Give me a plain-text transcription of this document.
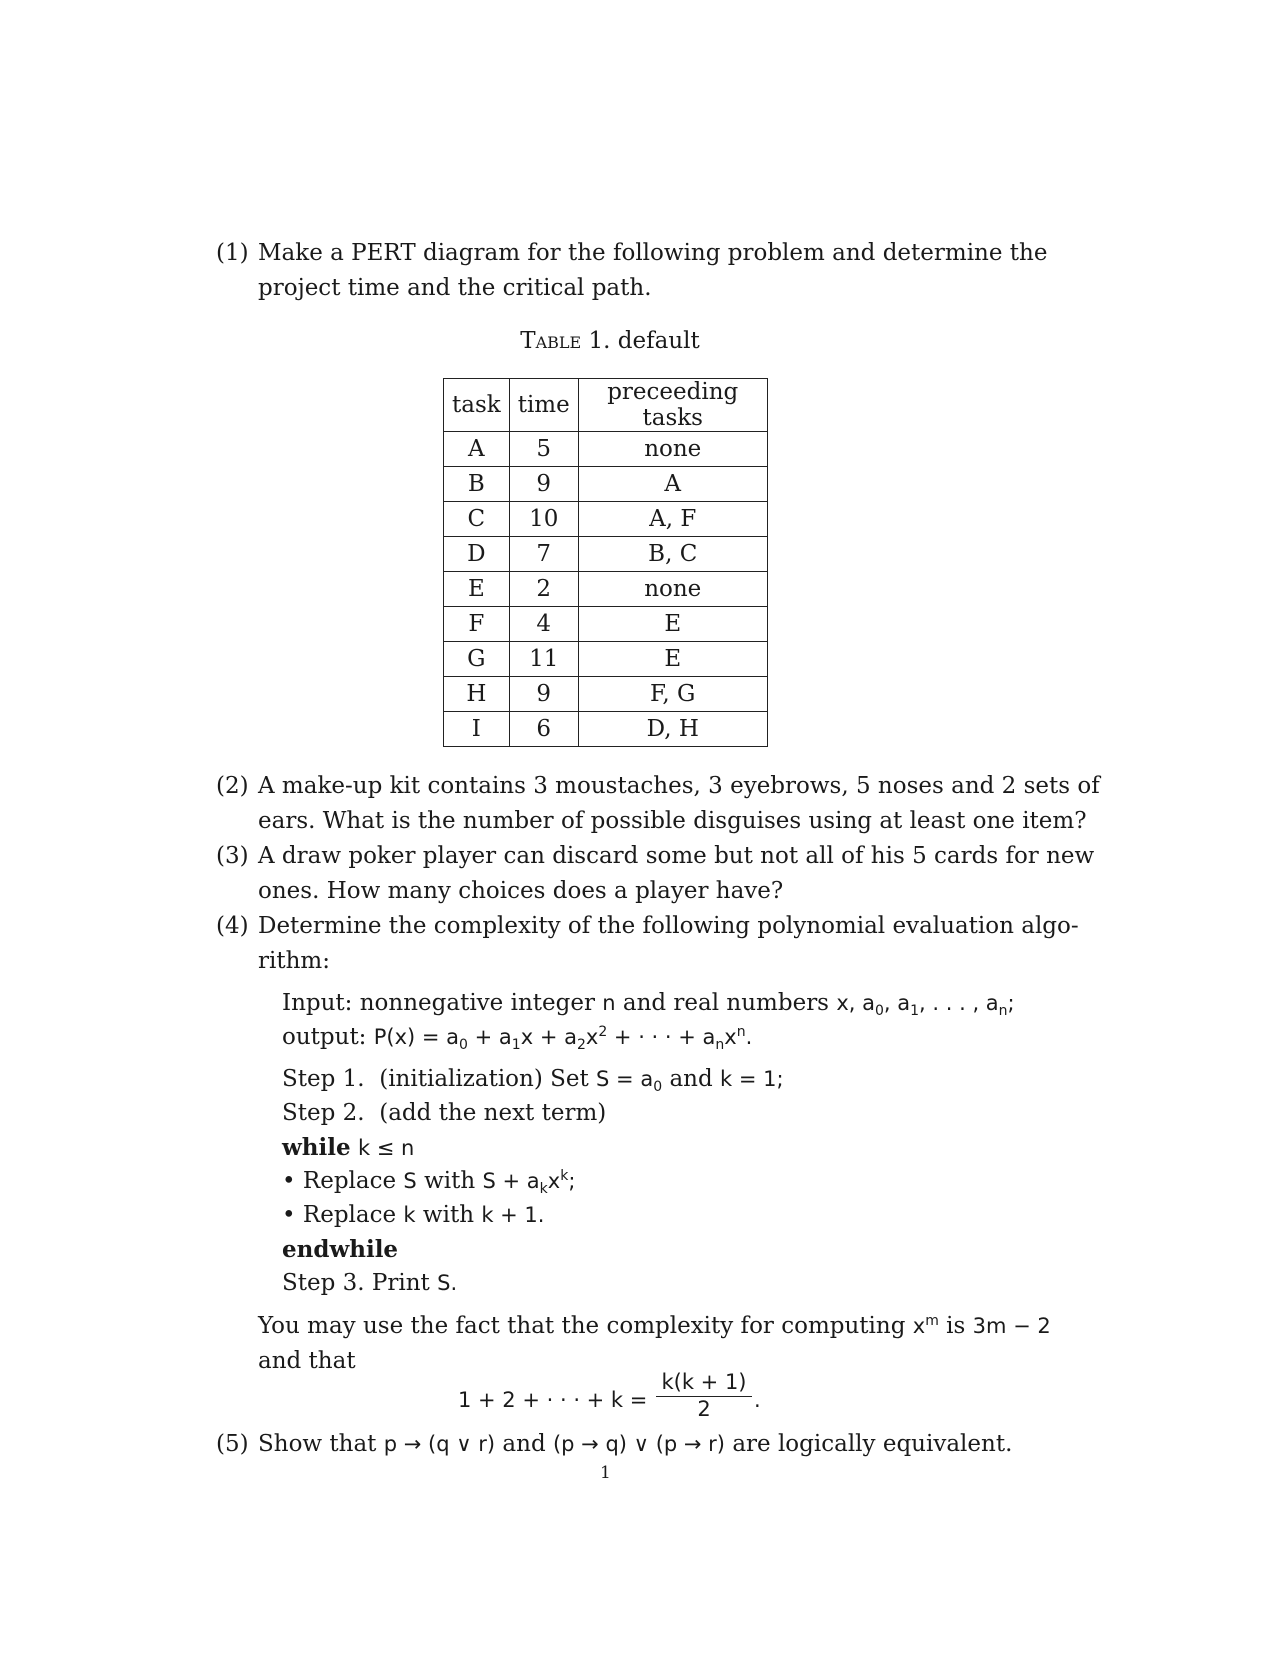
(1) Make a PERT diagram for the following problem and determine the
project time and the critical path.
Table 1. default
task	time	preceeding tasks
A	5	none
B	9	A
C	10	A, F
D	7	B, C
E	2	none
F	4	E
G	11	E
H	9	F, G
I	6	D, H
(2) A make-up kit contains 3 moustaches, 3 eyebrows, 5 noses and 2 sets of
ears. What is the number of possible disguises using at least one item?
(3) A draw poker player can discard some but not all of his 5 cards for new
ones. How many choices does a player have?
(4) Determine the complexity of the following polynomial evaluation algo-
rithm:
Input: nonnegative integer n and real numbers x, $a_0$, $a_1$, . . . , $a_n$;
output: $P(x) = a_0 + a_1x + a_2x^2$ + · · · + $a_nx^n$.
Step 1. (initialization) Set $S = a_0$ and k = 1;
Step 2. (add the next term)
while k ≤ n
• Replace S with $S + a_kx^k$;
• Replace k with k + 1.
endwhile
Step 3. Print S.
You may use the fact that the complexity for computing $x^m$ is 3m − 2
and that
1 + 2 + · · · + $k = \frac{k(k + 1)}{2}$ .
(5) Show that p → (q ∨ r) and (p → q) ∨ (p → r) are logically equivalent.
1
